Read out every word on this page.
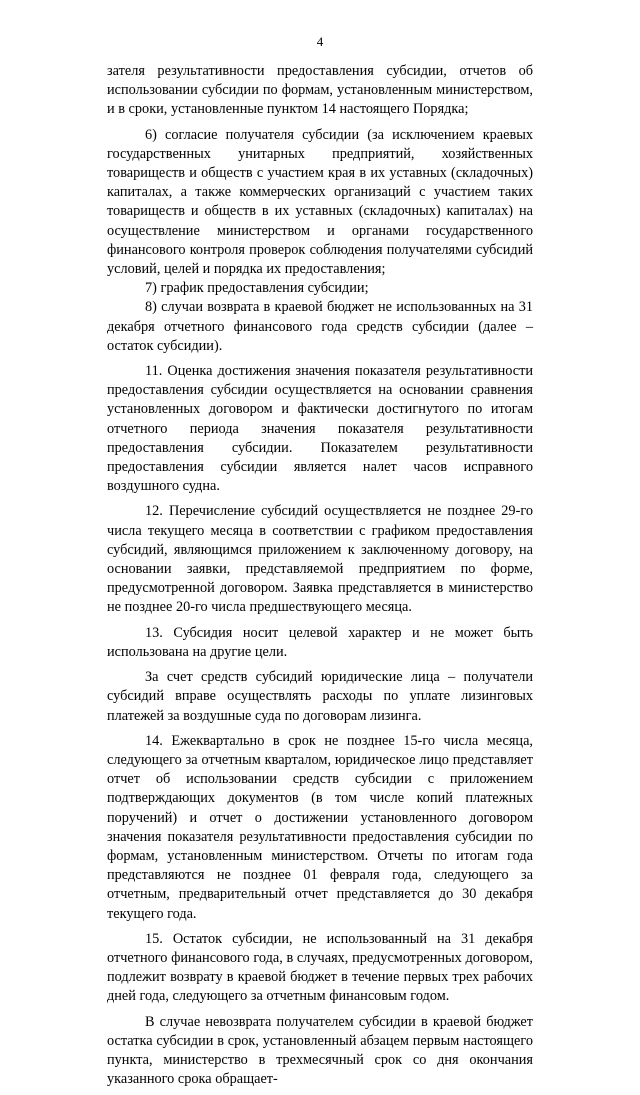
4

зателя результативности предоставления субсидии, отчетов об использовании субсидии по формам, установленным министерством, и в сроки, установленные пунктом 14 настоящего Порядка;

6) согласие получателя субсидии (за исключением краевых государственных унитарных предприятий, хозяйственных товариществ и обществ с участием края в их уставных (складочных) капиталах, а также коммерческих организаций с участием таких товариществ и обществ в их уставных (складочных) капиталах) на осуществление министерством и органами государственного финансового контроля проверок соблюдения получателями субсидий условий, целей и порядка их предоставления;

7) график предоставления субсидии;

8) случаи возврата в краевой бюджет не использованных на 31 декабря отчетного финансового года средств субсидии (далее – остаток субсидии).

11. Оценка достижения значения показателя результативности предоставления субсидии осуществляется на основании сравнения установленных договором и фактически достигнутого по итогам отчетного периода значения показателя результативности предоставления субсидии. Показателем результативности предоставления субсидии является налет часов исправного воздушного судна.

12. Перечисление субсидий осуществляется не позднее 29-го числа текущего месяца в соответствии с графиком предоставления субсидий, являющимся приложением к заключенному договору, на основании заявки, представляемой предприятием по форме, предусмотренной договором. Заявка представляется в министерство не позднее 20-го числа предшествующего месяца.

13. Субсидия носит целевой характер и не может быть использована на другие цели.

За счет средств субсидий юридические лица – получатели субсидий вправе осуществлять расходы по уплате лизинговых платежей за воздушные суда по договорам лизинга.

14. Ежеквартально в срок не позднее 15-го числа месяца, следующего за отчетным кварталом, юридическое лицо представляет отчет об использовании средств субсидии с приложением подтверждающих документов (в том числе копий платежных поручений) и отчет о достижении установленного договором значения показателя результативности предоставления субсидии по формам, установленным министерством. Отчеты по итогам года представляются не позднее 01 февраля года, следующего за отчетным, предварительный отчет представляется до 30 декабря текущего года.

15. Остаток субсидии, не использованный на 31 декабря отчетного финансового года, в случаях, предусмотренных договором, подлежит возврату в краевой бюджет в течение первых трех рабочих дней года, следующего за отчетным финансовым годом.

В случае невозврата получателем субсидии в краевой бюджет остатка субсидии в срок, установленный абзацем первым настоящего пункта, министерство в трехмесячный срок со дня окончания указанного срока обращает-
